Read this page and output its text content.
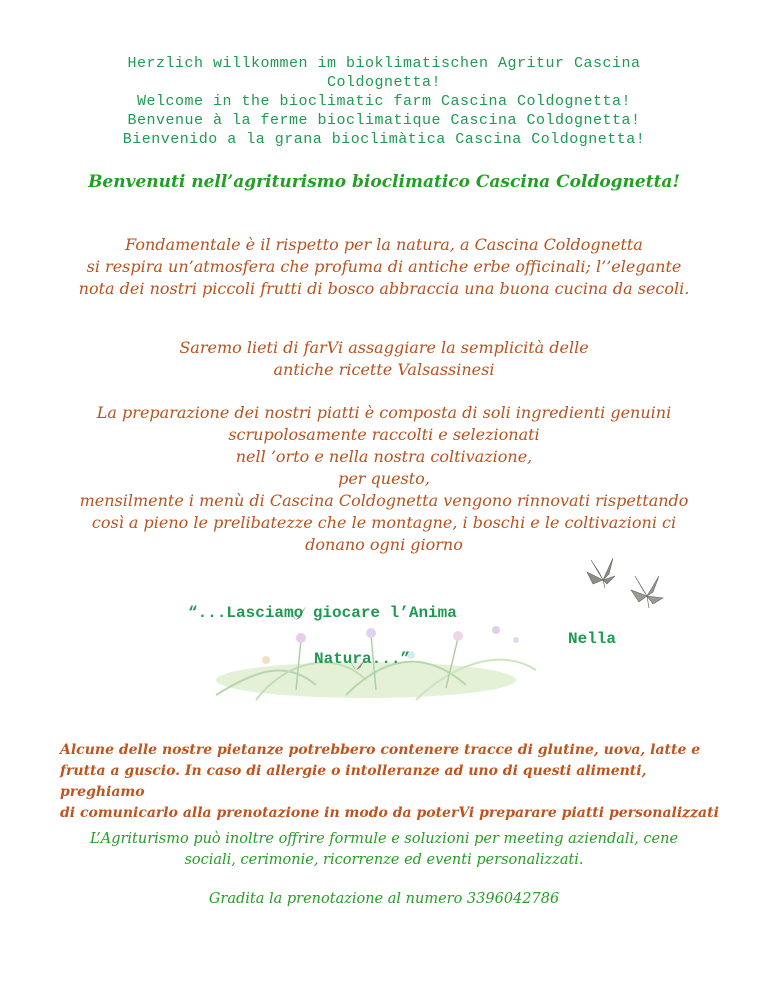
Herzlich willkommen im bioklimatischen Agritur Cascina
Coldognetta!
Welcome in the bioclimatic farm Cascina Coldognetta!
Benvenue à la ferme bioclimatique Cascina Coldognetta!
Bienvenido a la grana bioclimàtica Cascina Coldognetta!
Benvenuti nell’agriturismo bioclimatico Cascina Coldognetta!
Fondamentale è il rispetto per la natura, a Cascina Coldognetta
si respira un’atmosfera che profuma di antiche erbe officinali; l’’elegante
nota dei nostri piccoli frutti di bosco abbraccia una buona cucina da secoli.
Saremo lieti di farVi assaggiare la semplicità delle
antiche ricette Valsassinesi
La preparazione dei nostri piatti è composta di soli ingredienti genuini
scrupolosamente raccolti e selezionati
nell ’orto e nella nostra coltivazione,
per questo,
mensilmente i menù di Cascina Coldognetta vengono rinnovati rispettando
così a pieno le prelibatezze che le montagne, i boschi e le coltivazioni ci
donano ogni giorno
“...Lasciamo giocare l’Anima
Nella
Natura...”
Alcune delle nostre pietanze potrebbero contenere tracce di glutine, uova, latte e
frutta a guscio. In caso di allergie o intolleranze ad uno di questi alimenti, preghiamo
di comunicarlo alla prenotazione in modo da poterVi preparare piatti personalizzati
L’Agriturismo può inoltre offrire formule e soluzioni per meeting aziendali, cene
sociali, cerimonie, ricorrenze ed eventi personalizzati.
Gradita la prenotazione al numero 3396042786
